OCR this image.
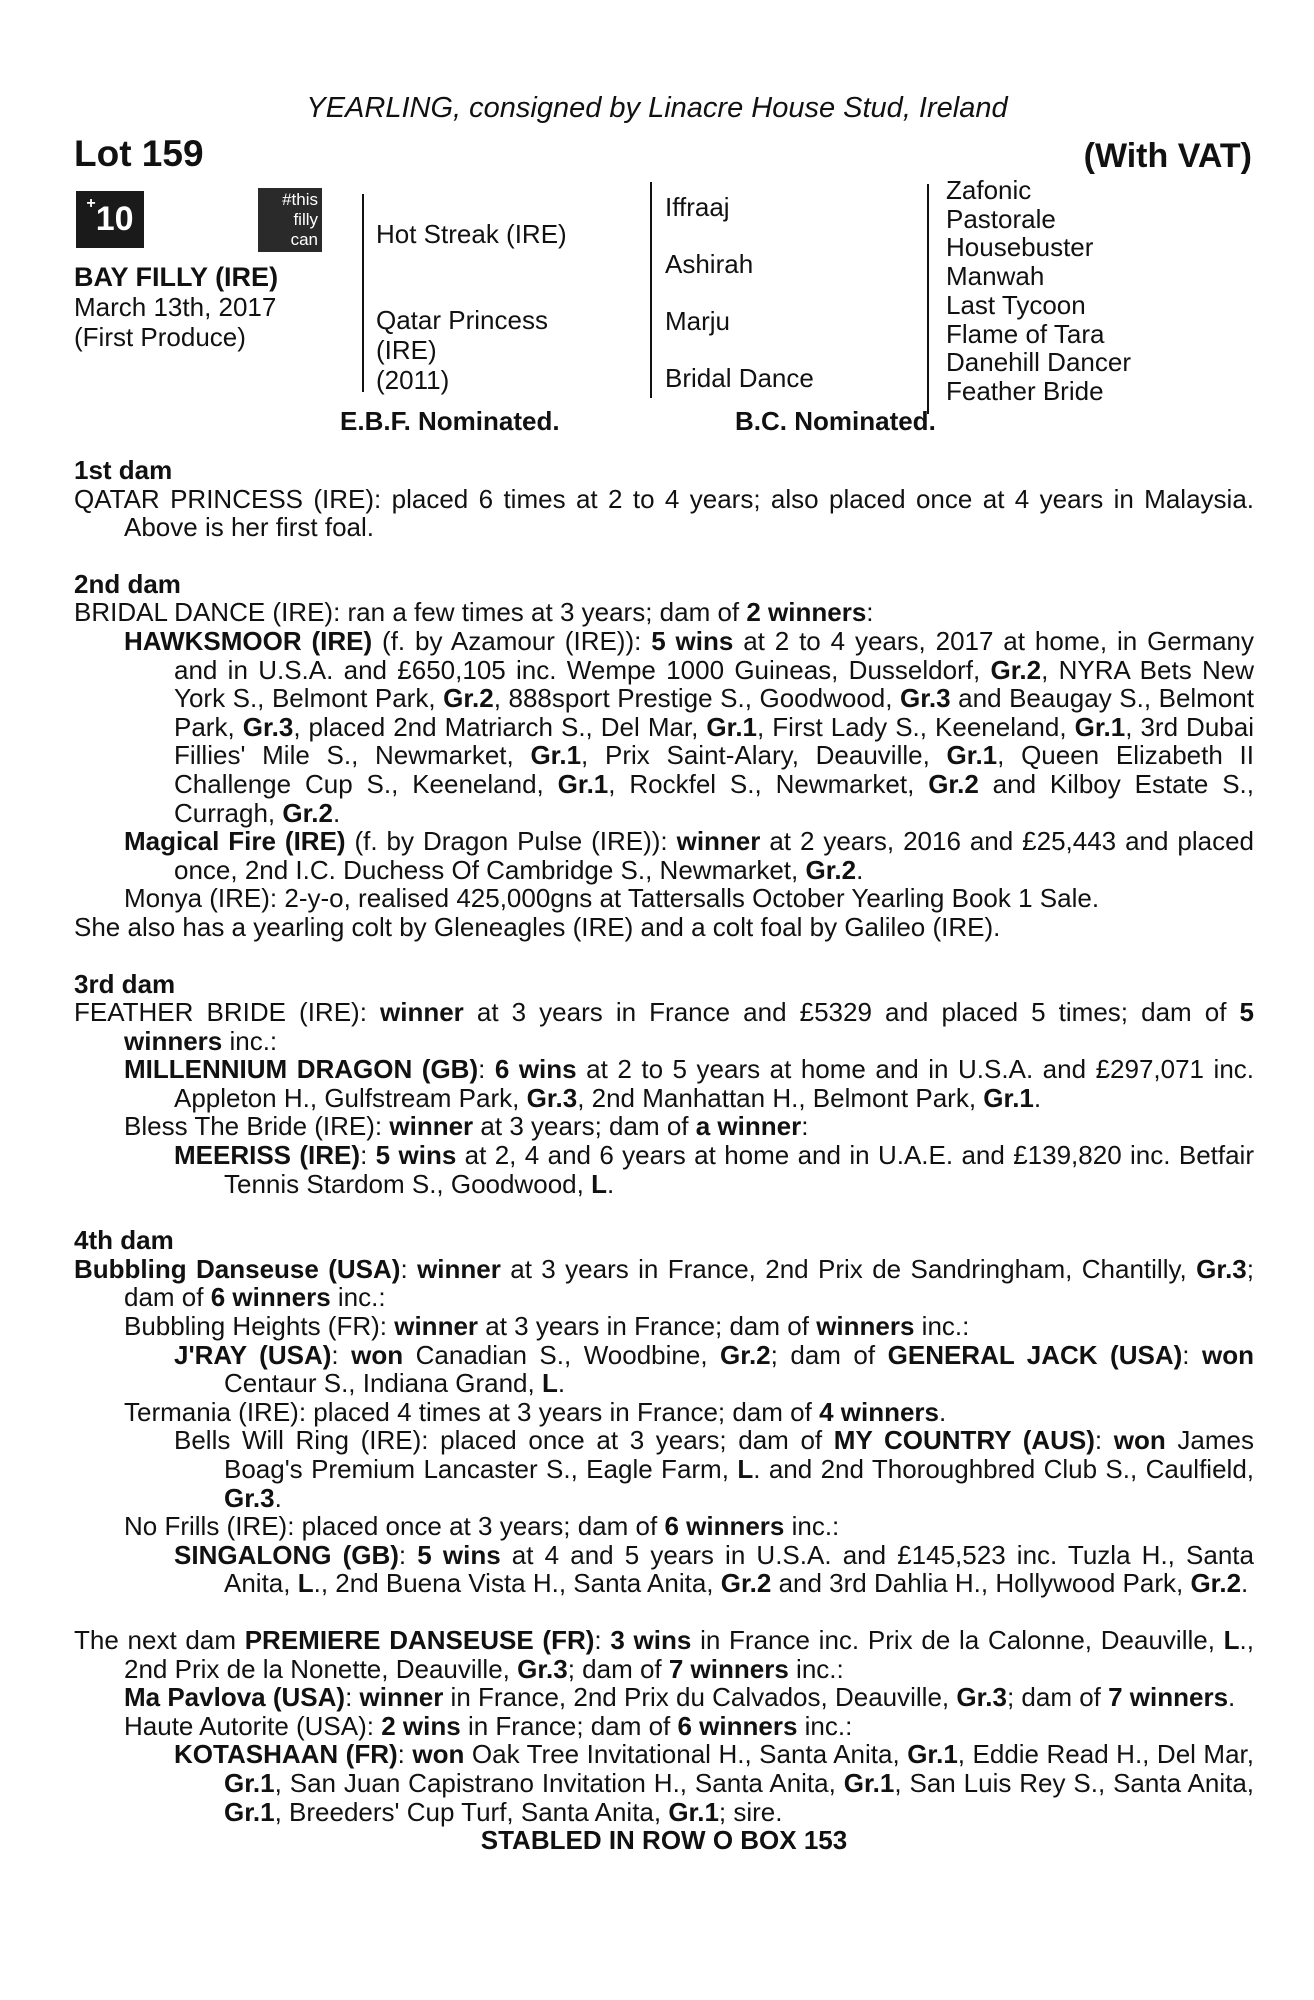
YEARLING, consigned by Linacre House Stud, Ireland
Lot 159	(With VAT)
+10
#this
filly
can
BAY FILLY (IRE)
March 13th, 2017
(First Produce)
Hot Streak (IRE)
Qatar Princess
(IRE)
(2011)
Iffraaj
Ashirah
Marju
Bridal Dance
Zafonic
Pastorale
Housebuster
Manwah
Last Tycoon
Flame of Tara
Danehill Dancer
Feather Bride
E.B.F. Nominated.	B.C. Nominated.
1st dam

QATAR PRINCESS (IRE): placed 6 times at 2 to 4 years; also placed once at 4 years in Malaysia. Above is her first foal.

2nd dam

BRIDAL DANCE (IRE): ran a few times at 3 years; dam of 2 winners:

HAWKSMOOR (IRE) (f. by Azamour (IRE)): 5 wins at 2 to 4 years, 2017 at home, in Germany and in U.S.A. and £650,105 inc. Wempe 1000 Guineas, Dusseldorf, Gr.2, NYRA Bets New York S., Belmont Park, Gr.2, 888sport Prestige S., Goodwood, Gr.3 and Beaugay S., Belmont Park, Gr.3, placed 2nd Matriarch S., Del Mar, Gr.1, First Lady S., Keeneland, Gr.1, 3rd Dubai Fillies' Mile S., Newmarket, Gr.1, Prix Saint-Alary, Deauville, Gr.1, Queen Elizabeth II Challenge Cup S., Keeneland, Gr.1, Rockfel S., Newmarket, Gr.2 and Kilboy Estate S., Curragh, Gr.2.

Magical Fire (IRE) (f. by Dragon Pulse (IRE)): winner at 2 years, 2016 and £25,443 and placed once, 2nd I.C. Duchess Of Cambridge S., Newmarket, Gr.2.

Monya (IRE): 2-y-o, realised 425,000gns at Tattersalls October Yearling Book 1 Sale.

She also has a yearling colt by Gleneagles (IRE) and a colt foal by Galileo (IRE).

3rd dam

FEATHER BRIDE (IRE): winner at 3 years in France and £5329 and placed 5 times; dam of 5 winners inc.:

MILLENNIUM DRAGON (GB): 6 wins at 2 to 5 years at home and in U.S.A. and £297,071 inc. Appleton H., Gulfstream Park, Gr.3, 2nd Manhattan H., Belmont Park, Gr.1.

Bless The Bride (IRE): winner at 3 years; dam of a winner:

MEERISS (IRE): 5 wins at 2, 4 and 6 years at home and in U.A.E. and £139,820 inc. Betfair Tennis Stardom S., Goodwood, L.

4th dam

Bubbling Danseuse (USA): winner at 3 years in France, 2nd Prix de Sandringham, Chantilly, Gr.3; dam of 6 winners inc.:

Bubbling Heights (FR): winner at 3 years in France; dam of winners inc.:

J'RAY (USA): won Canadian S., Woodbine, Gr.2; dam of GENERAL JACK (USA): won Centaur S., Indiana Grand, L.

Termania (IRE): placed 4 times at 3 years in France; dam of 4 winners.

Bells Will Ring (IRE): placed once at 3 years; dam of MY COUNTRY (AUS): won James Boag's Premium Lancaster S., Eagle Farm, L. and 2nd Thoroughbred Club S., Caulfield, Gr.3.

No Frills (IRE): placed once at 3 years; dam of 6 winners inc.:

SINGALONG (GB): 5 wins at 4 and 5 years in U.S.A. and £145,523 inc. Tuzla H., Santa Anita, L., 2nd Buena Vista H., Santa Anita, Gr.2 and 3rd Dahlia H., Hollywood Park, Gr.2.

The next dam PREMIERE DANSEUSE (FR): 3 wins in France inc. Prix de la Calonne, Deauville, L., 2nd Prix de la Nonette, Deauville, Gr.3; dam of 7 winners inc.:

Ma Pavlova (USA): winner in France, 2nd Prix du Calvados, Deauville, Gr.3; dam of 7 winners.

Haute Autorite (USA): 2 wins in France; dam of 6 winners inc.:

KOTASHAAN (FR): won Oak Tree Invitational H., Santa Anita, Gr.1, Eddie Read H., Del Mar, Gr.1, San Juan Capistrano Invitation H., Santa Anita, Gr.1, San Luis Rey S., Santa Anita, Gr.1, Breeders' Cup Turf, Santa Anita, Gr.1; sire.

STABLED IN ROW O BOX 153
